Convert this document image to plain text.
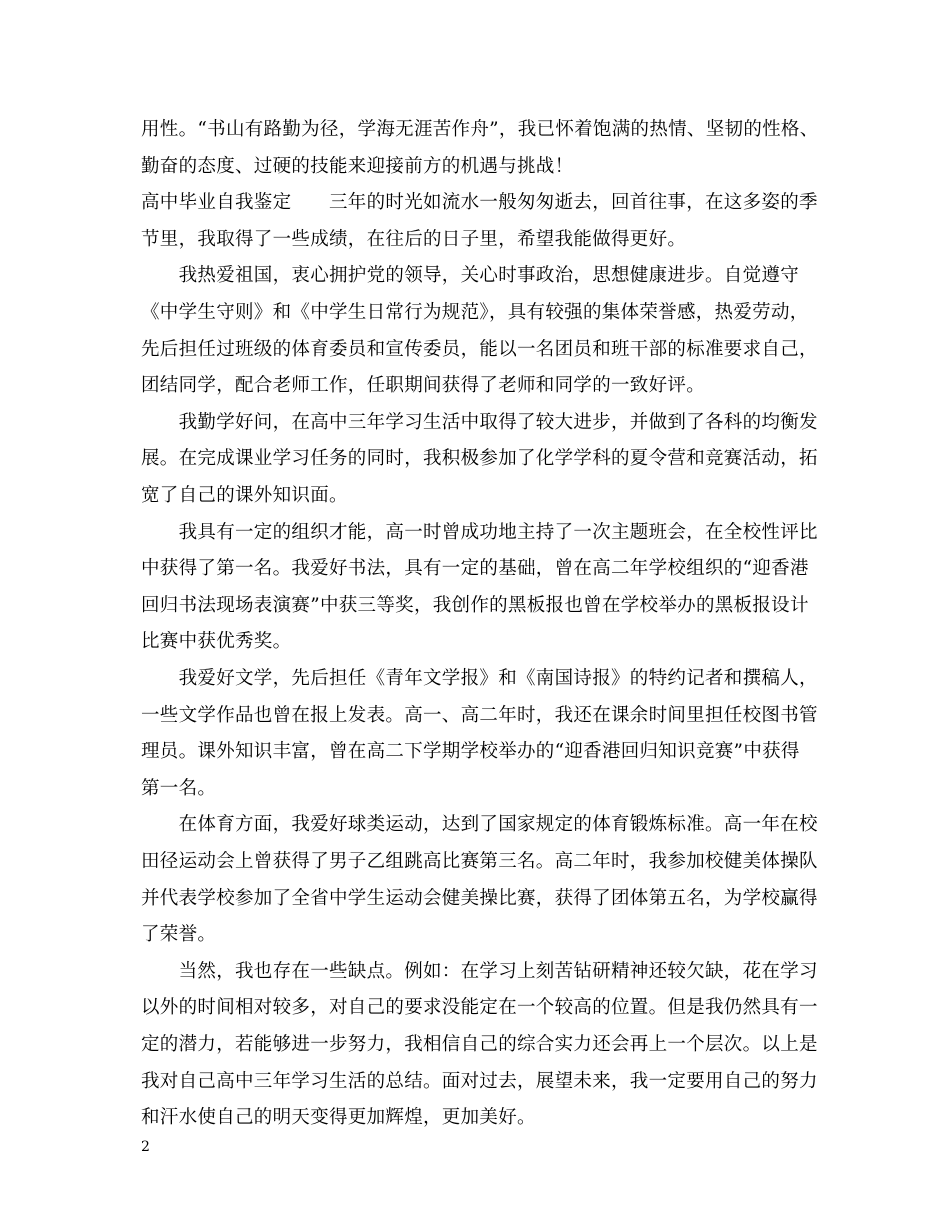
用性。“书山有路勤为径，学海无涯苦作舟”，我已怀着饱满的热情、坚韧的性格、
勤奋的态度、过硬的技能来迎接前方的机遇与挑战！
高中毕业自我鉴定　　三年的时光如流水一般匆匆逝去，回首往事，在这多姿的季
节里，我取得了一些成绩，在往后的日子里，希望我能做得更好。
　　我热爱祖国，衷心拥护党的领导，关心时事政治，思想健康进步。自觉遵守
《中学生守则》和《中学生日常行为规范》，具有较强的集体荣誉感，热爱劳动，
先后担任过班级的体育委员和宣传委员，能以一名团员和班干部的标准要求自己，
团结同学，配合老师工作，任职期间获得了老师和同学的一致好评。
　　我勤学好问，在高中三年学习生活中取得了较大进步，并做到了各科的均衡发
展。在完成课业学习任务的同时，我积极参加了化学学科的夏令营和竞赛活动，拓
宽了自己的课外知识面。
　　我具有一定的组织才能，高一时曾成功地主持了一次主题班会，在全校性评比
中获得了第一名。我爱好书法，具有一定的基础，曾在高二年学校组织的“迎香港
回归书法现场表演赛”中获三等奖，我创作的黑板报也曾在学校举办的黑板报设计
比赛中获优秀奖。
　　我爱好文学，先后担任《青年文学报》和《南国诗报》的特约记者和撰稿人，
一些文学作品也曾在报上发表。高一、高二年时，我还在课余时间里担任校图书管
理员。课外知识丰富，曾在高二下学期学校举办的“迎香港回归知识竞赛”中获得
第一名。
　　在体育方面，我爱好球类运动，达到了国家规定的体育锻炼标准。高一年在校
田径运动会上曾获得了男子乙组跳高比赛第三名。高二年时，我参加校健美体操队
并代表学校参加了全省中学生运动会健美操比赛，获得了团体第五名，为学校赢得
了荣誉。
　　当然，我也存在一些缺点。例如：在学习上刻苦钻研精神还较欠缺，花在学习
以外的时间相对较多，对自己的要求没能定在一个较高的位置。但是我仍然具有一
定的潜力，若能够进一步努力，我相信自己的综合实力还会再上一个层次。以上是
我对自己高中三年学习生活的总结。面对过去，展望未来，我一定要用自己的努力
和汗水使自己的明天变得更加辉煌，更加美好。
2
